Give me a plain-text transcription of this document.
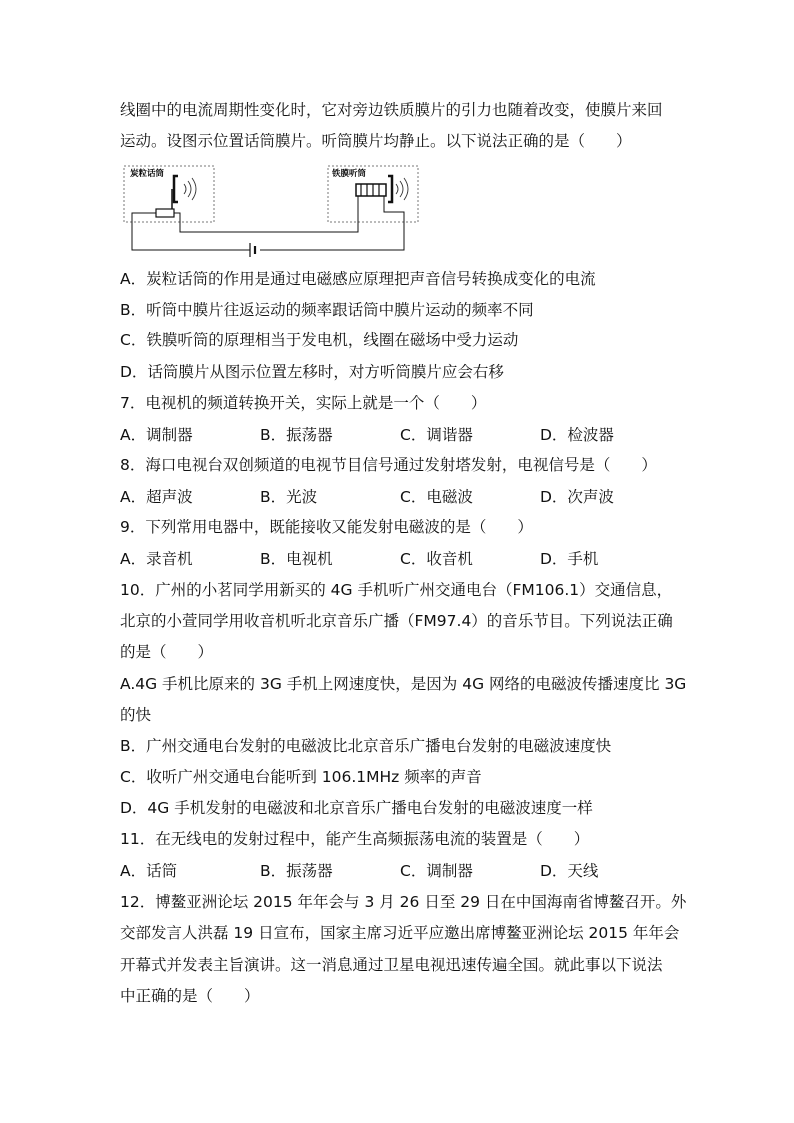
线圈中的电流周期性变化时，它对旁边铁质膜片的引力也随着改变，使膜片来回
运动。设图示位置话筒膜片。听筒膜片均静止。以下说法正确的是（　　）
炭粒话筒	铁膜听筒
A．炭粒话筒的作用是通过电磁感应原理把声音信号转换成变化的电流
B．听筒中膜片往返运动的频率跟话筒中膜片运动的频率不同
C．铁膜听筒的原理相当于发电机，线圈在磁场中受力运动
D．话筒膜片从图示位置左移时，对方听筒膜片应会右移
7．电视机的频道转换开关，实际上就是一个（　　）
A．调制器	B．振荡器	C．调谐器	D．检波器
8．海口电视台双创频道的电视节目信号通过发射塔发射，电视信号是（　　）
A．超声波	B．光波	C．电磁波	D．次声波
9．下列常用电器中，既能接收又能发射电磁波的是（　　）
A．录音机	B．电视机	C．收音机	D．手机
10．广州的小茗同学用新买的 4G 手机听广州交通电台（FM106.1）交通信息，
北京的小萱同学用收音机听北京音乐广播（FM97.4）的音乐节目。下列说法正确
的是（　　）
A.4G 手机比原来的 3G 手机上网速度快，是因为 4G 网络的电磁波传播速度比 3G
的快
B．广州交通电台发射的电磁波比北京音乐广播电台发射的电磁波速度快
C．收听广州交通电台能听到 106.1MHz 频率的声音
D．4G 手机发射的电磁波和北京音乐广播电台发射的电磁波速度一样
11．在无线电的发射过程中，能产生高频振荡电流的装置是（　　）
A．话筒	B．振荡器	C．调制器	D．天线
12．博鳌亚洲论坛 2015 年年会与 3 月 26 日至 29 日在中国海南省博鳌召开。外
交部发言人洪磊 19 日宣布，国家主席习近平应邀出席博鳌亚洲论坛 2015 年年会
开幕式并发表主旨演讲。这一消息通过卫星电视迅速传遍全国。就此事以下说法
中正确的是（　　）
